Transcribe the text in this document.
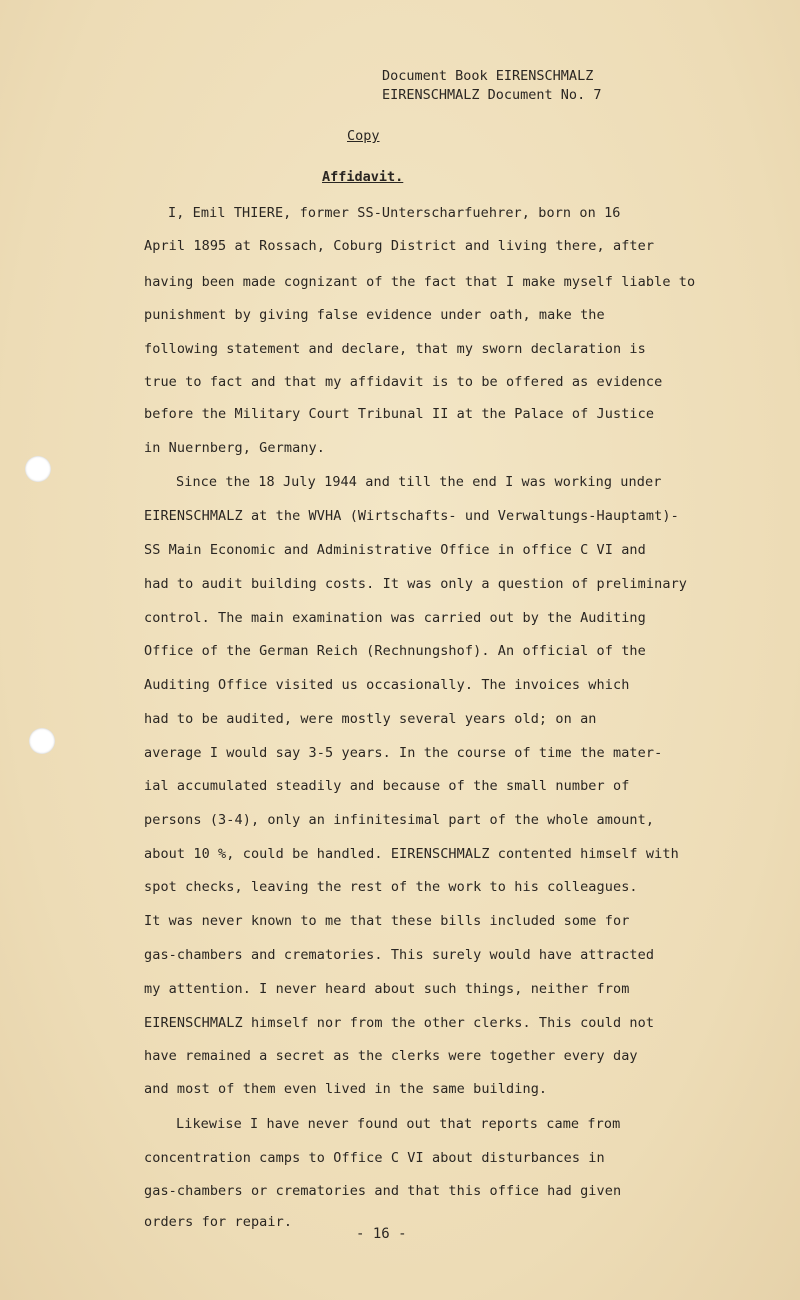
Document Book EIRENSCHMALZ
EIRENSCHMALZ Document No. 7
Copy
Affidavit.
I, Emil THIERE, former SS-Unterscharfuehrer, born on 16
April 1895 at Rossach, Coburg District and living there, after
having been made cognizant of the fact that I make myself liable to
punishment by giving false evidence under oath, make the
following statement and declare, that my sworn declaration is
true to fact and that my affidavit is to be offered as evidence
before the Military Court Tribunal II at the Palace of Justice
in Nuernberg, Germany.
Since the 18 July 1944 and till the end I was working under
EIRENSCHMALZ at the WVHA (Wirtschafts- und Verwaltungs-Hauptamt)-
SS Main Economic and Administrative Office in office C VI and
had to audit building costs. It was only a question of preliminary
control. The main examination was carried out by the Auditing
Office of the German Reich (Rechnungshof). An official of the
Auditing Office visited us occasionally. The invoices which
had to be audited, were mostly several years old; on an
average I would say 3-5 years. In the course of time the mater-
ial accumulated steadily and because of the small number of
persons (3-4), only an infinitesimal part of the whole amount,
about 10 %, could be handled. EIRENSCHMALZ contented himself with
spot checks, leaving the rest of the work to his colleagues.
It was never known to me that these bills included some for
gas-chambers and crematories. This surely would have attracted
my attention. I never heard about such things, neither from
EIRENSCHMALZ himself nor from the other clerks. This could not
have remained a secret as the clerks were together every day
and most of them even lived in the same building.
Likewise I have never found out that reports came from
concentration camps to Office C VI about disturbances in
gas-chambers or crematories and that this office had given
orders for repair.
- 16 -
